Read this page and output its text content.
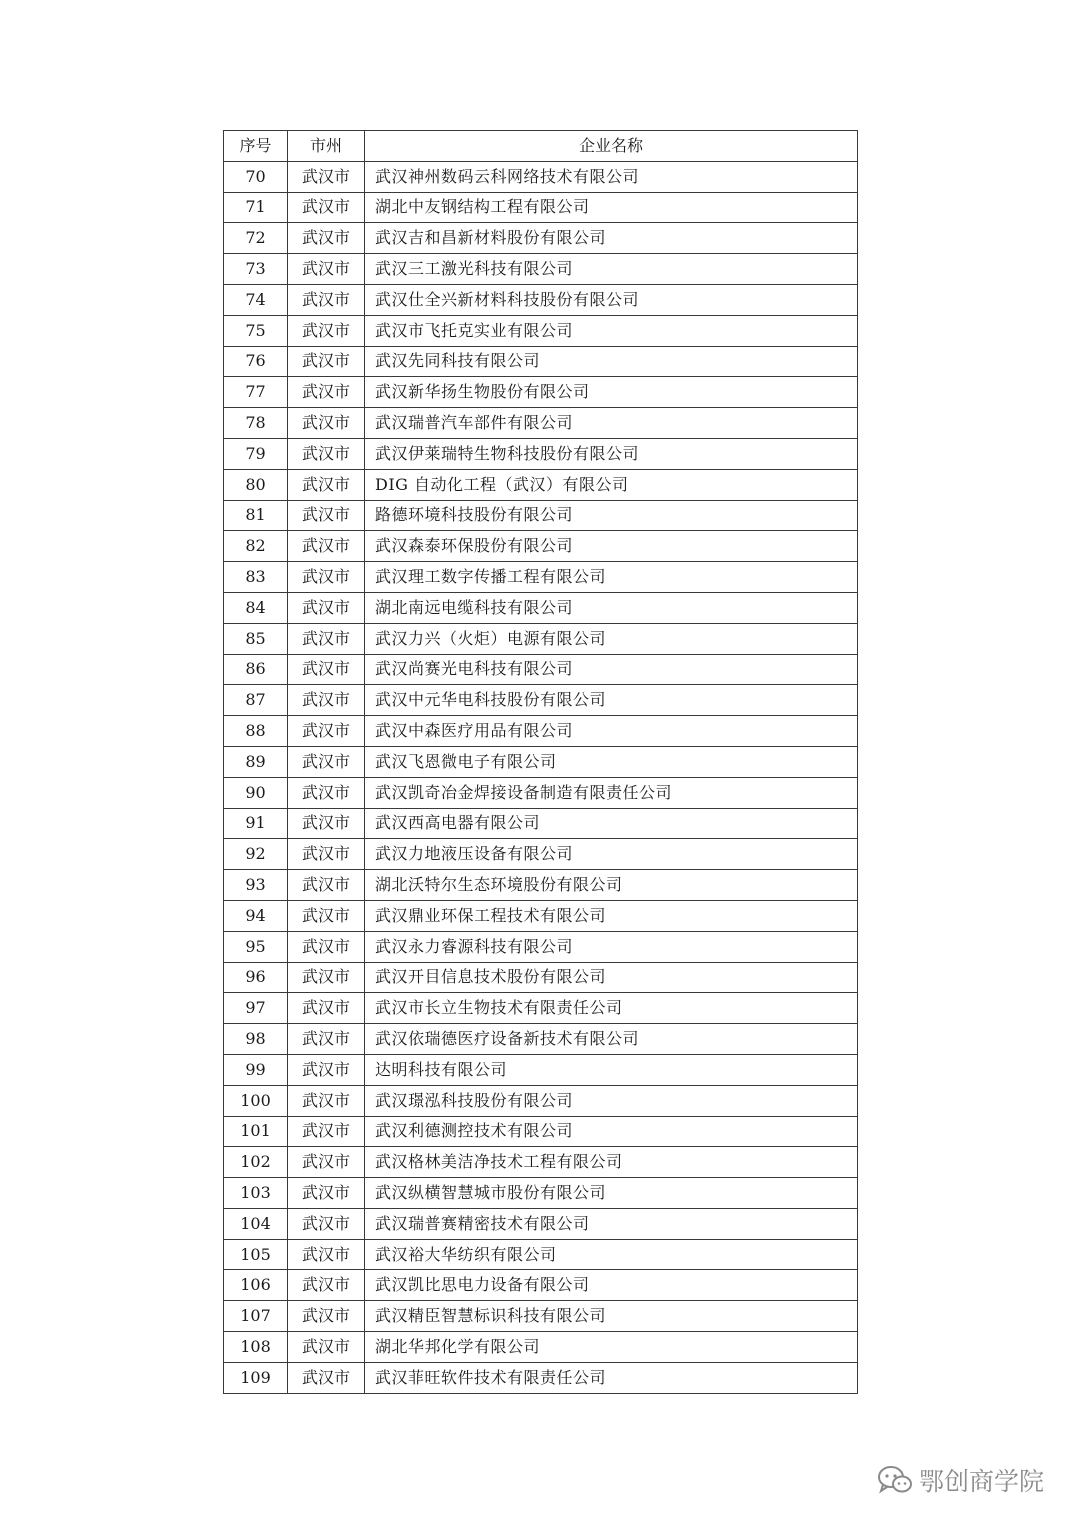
序号	市州	企业名称
70	武汉市	武汉神州数码云科网络技术有限公司
71	武汉市	湖北中友钢结构工程有限公司
72	武汉市	武汉吉和昌新材料股份有限公司
73	武汉市	武汉三工激光科技有限公司
74	武汉市	武汉仕全兴新材料科技股份有限公司
75	武汉市	武汉市飞托克实业有限公司
76	武汉市	武汉先同科技有限公司
77	武汉市	武汉新华扬生物股份有限公司
78	武汉市	武汉瑞普汽车部件有限公司
79	武汉市	武汉伊莱瑞特生物科技股份有限公司
80	武汉市	DIG 自动化工程（武汉）有限公司
81	武汉市	路德环境科技股份有限公司
82	武汉市	武汉森泰环保股份有限公司
83	武汉市	武汉理工数字传播工程有限公司
84	武汉市	湖北南远电缆科技有限公司
85	武汉市	武汉力兴（火炬）电源有限公司
86	武汉市	武汉尚赛光电科技有限公司
87	武汉市	武汉中元华电科技股份有限公司
88	武汉市	武汉中森医疗用品有限公司
89	武汉市	武汉飞恩微电子有限公司
90	武汉市	武汉凯奇冶金焊接设备制造有限责任公司
91	武汉市	武汉西高电器有限公司
92	武汉市	武汉力地液压设备有限公司
93	武汉市	湖北沃特尔生态环境股份有限公司
94	武汉市	武汉鼎业环保工程技术有限公司
95	武汉市	武汉永力睿源科技有限公司
96	武汉市	武汉开目信息技术股份有限公司
97	武汉市	武汉市长立生物技术有限责任公司
98	武汉市	武汉依瑞德医疗设备新技术有限公司
99	武汉市	达明科技有限公司
100	武汉市	武汉璟泓科技股份有限公司
101	武汉市	武汉利德测控技术有限公司
102	武汉市	武汉格林美洁净技术工程有限公司
103	武汉市	武汉纵横智慧城市股份有限公司
104	武汉市	武汉瑞普赛精密技术有限公司
105	武汉市	武汉裕大华纺织有限公司
106	武汉市	武汉凯比思电力设备有限公司
107	武汉市	武汉精臣智慧标识科技有限公司
108	武汉市	湖北华邦化学有限公司
109	武汉市	武汉菲旺软件技术有限责任公司
鄂创商学院
